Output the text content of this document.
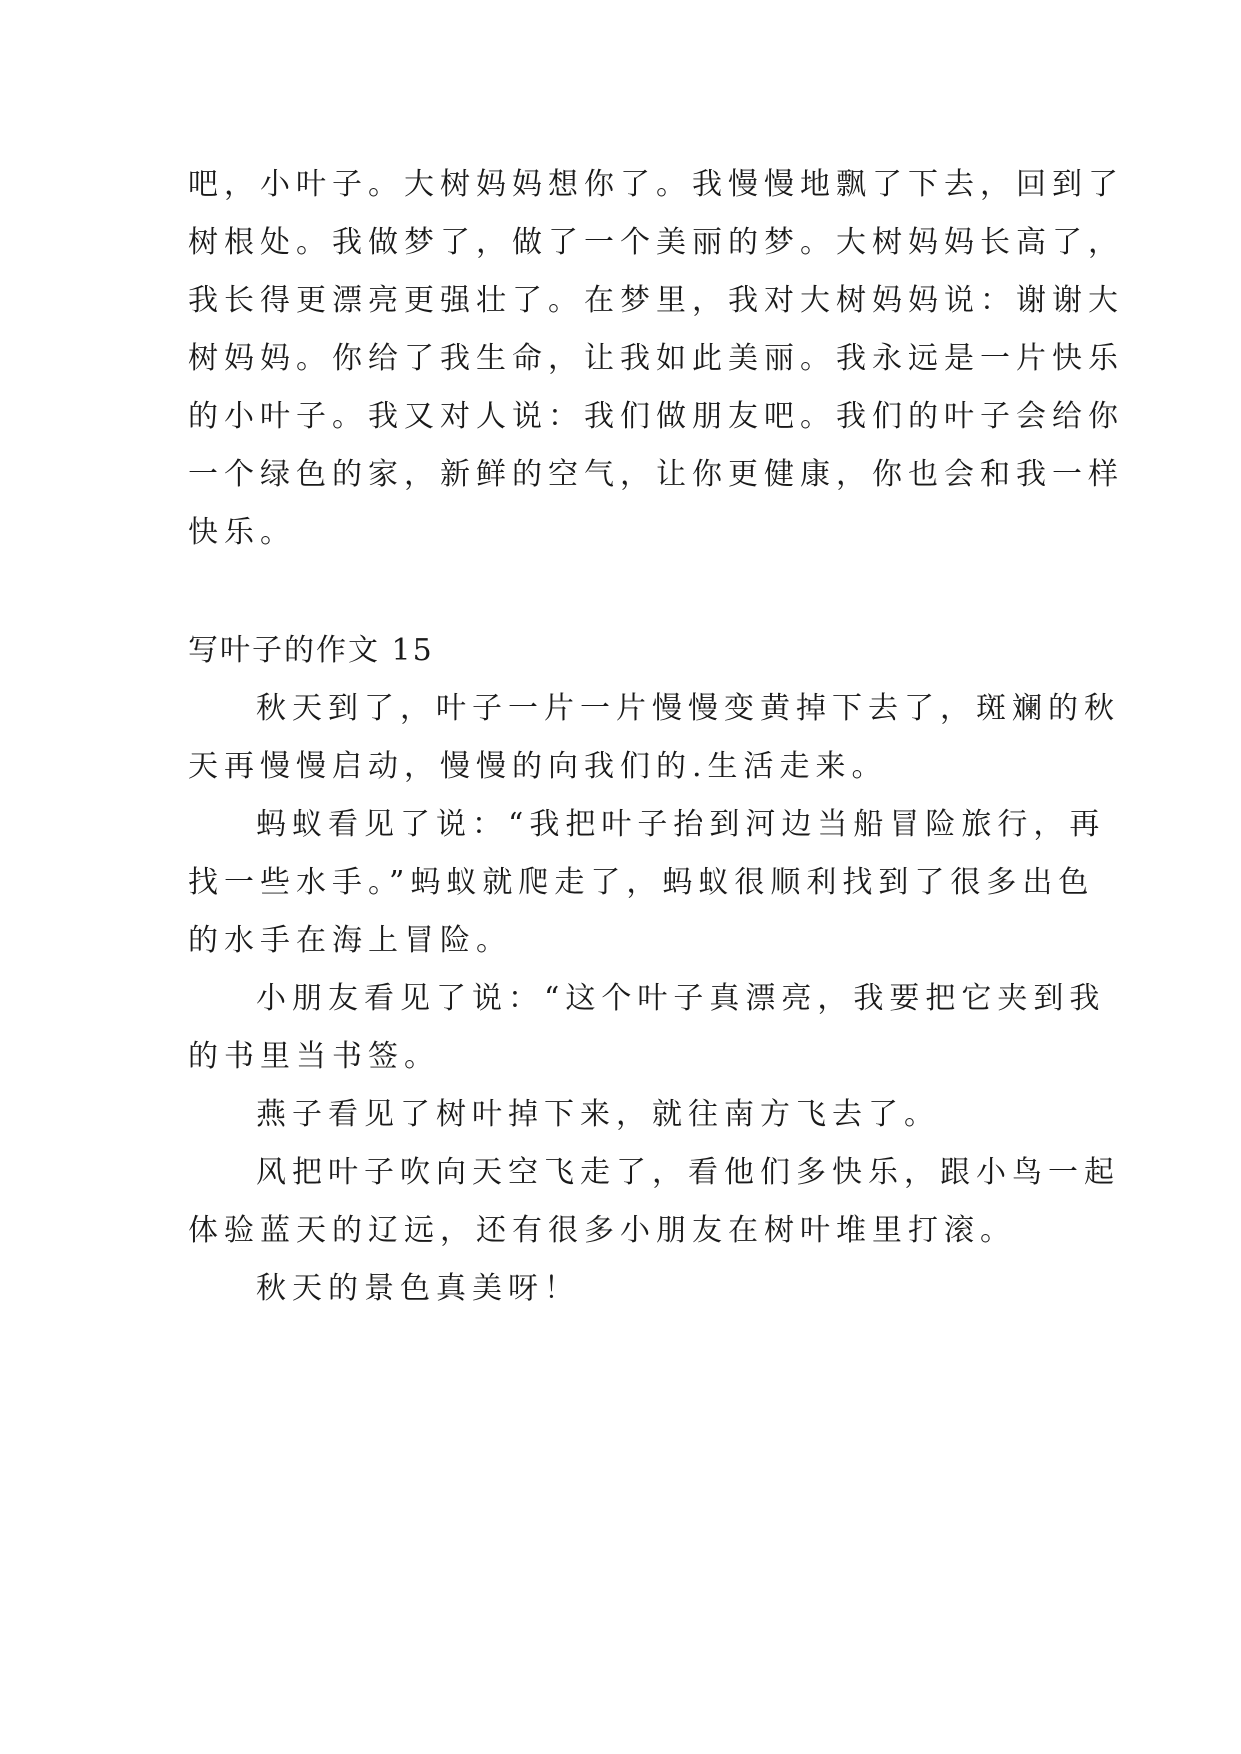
吧，小叶子。大树妈妈想你了。我慢慢地飘了下去，回到了
树根处。我做梦了，做了一个美丽的梦。大树妈妈长高了，
我长得更漂亮更强壮了。在梦里，我对大树妈妈说：谢谢大
树妈妈。你给了我生命，让我如此美丽。我永远是一片快乐
的小叶子。我又对人说：我们做朋友吧。我们的叶子会给你
一个绿色的家，新鲜的空气，让你更健康，你也会和我一样
快乐。
写叶子的作文 15
秋天到了，叶子一片一片慢慢变黄掉下去了，斑斓的秋
天再慢慢启动，慢慢的向我们的.生活走来。
蚂蚁看见了说：“我把叶子抬到河边当船冒险旅行，再
找一些水手。”蚂蚁就爬走了，蚂蚁很顺利找到了很多出色
的水手在海上冒险。
小朋友看见了说：“这个叶子真漂亮，我要把它夹到我
的书里当书签。
燕子看见了树叶掉下来，就往南方飞去了。
风把叶子吹向天空飞走了，看他们多快乐，跟小鸟一起
体验蓝天的辽远，还有很多小朋友在树叶堆里打滚。
秋天的景色真美呀！
